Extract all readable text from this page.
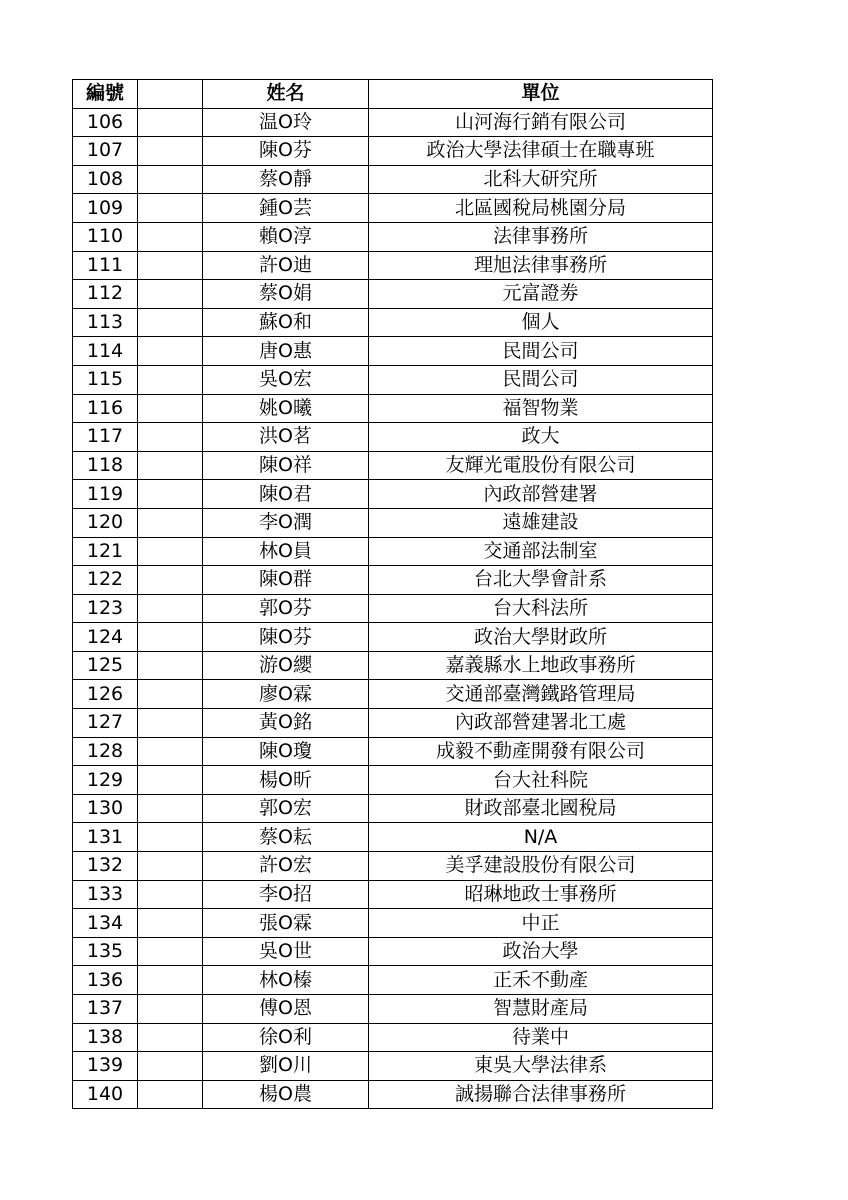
編號		姓名	單位
106		温O玲	山河海行銷有限公司
107		陳O芬	政治大學法律碩士在職專班
108		蔡O靜	北科大研究所
109		鍾O芸	北區國稅局桃園分局
110		賴O淳	法律事務所
111		許O迪	理旭法律事務所
112		蔡O娟	元富證劵
113		蘇O和	個人
114		唐O惠	民間公司
115		吳O宏	民間公司
116		姚O曦	福智物業
117		洪O茗	政大
118		陳O祥	友輝光電股份有限公司
119		陳O君	內政部營建署
120		李O潤	遠雄建設
121		林O員	交通部法制室
122		陳O群	台北大學會計系
123		郭O芬	台大科法所
124		陳O芬	政治大學財政所
125		游O纓	嘉義縣水上地政事務所
126		廖O霖	交通部臺灣鐵路管理局
127		黃O銘	內政部營建署北工處
128		陳O瓊	成毅不動產開發有限公司
129		楊O昕	台大社科院
130		郭O宏	財政部臺北國稅局
131		蔡O耘	N/A
132		許O宏	美孚建設股份有限公司
133		李O招	昭琳地政士事務所
134		張O霖	中正
135		吳O世	政治大學
136		林O榛	正禾不動產
137		傅O恩	智慧財產局
138		徐O利	待業中
139		劉O川	東吳大學法律系
140		楊O農	誠揚聯合法律事務所
